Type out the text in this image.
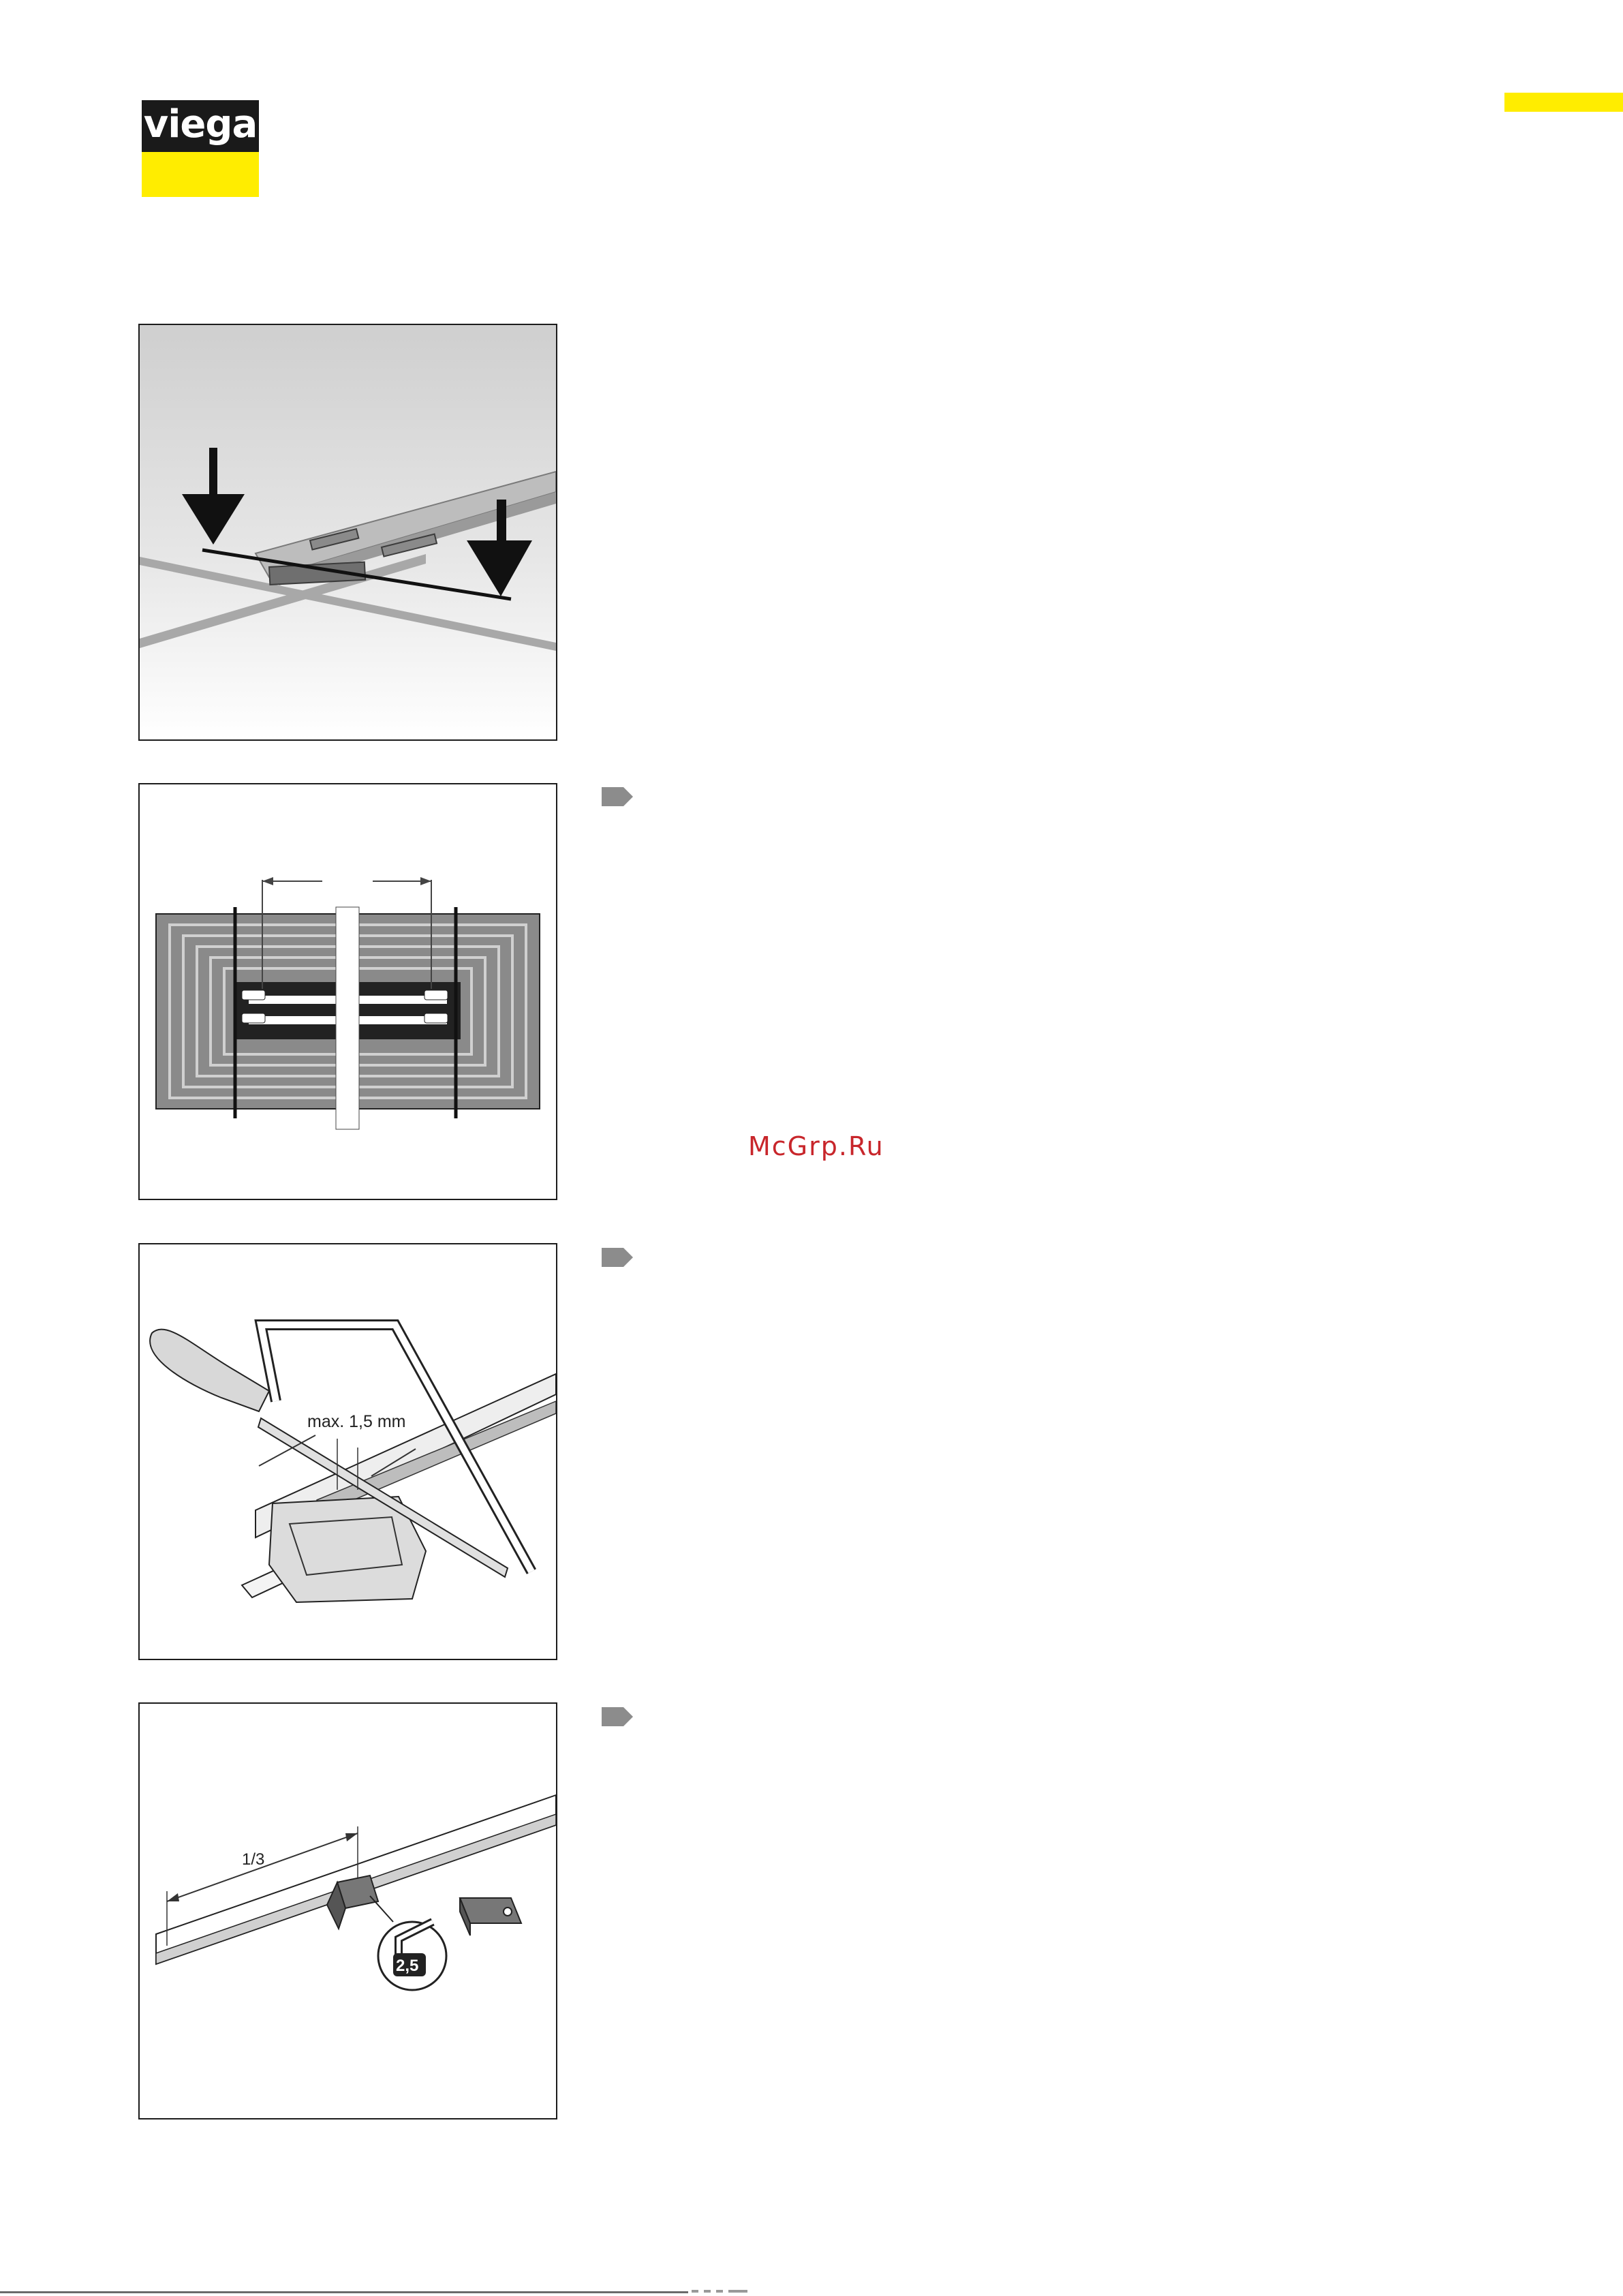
viega
max. 1,5 mm
1/3
2,5
McGrp.Ru
